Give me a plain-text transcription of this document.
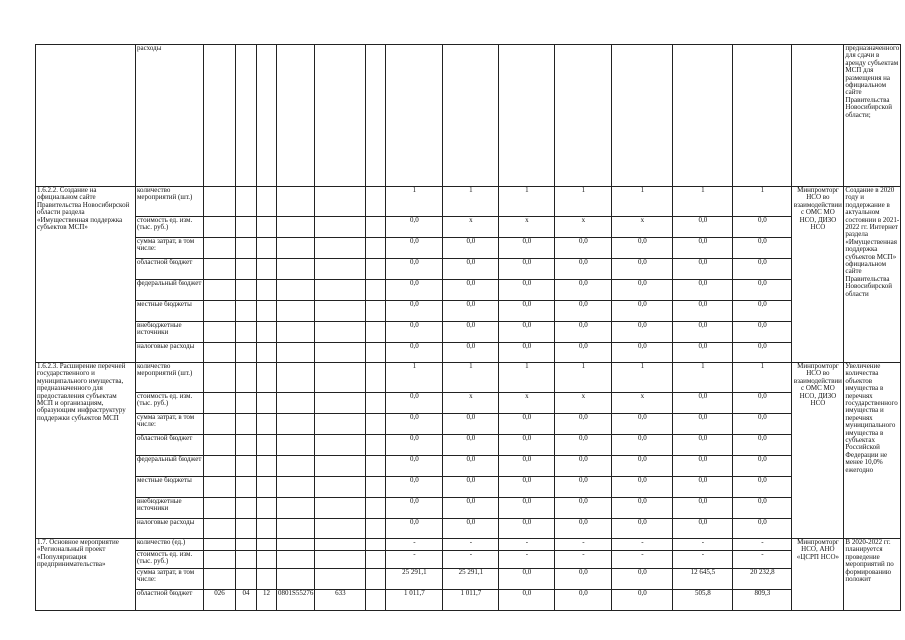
	расходы															предназначенного для сдачи в аренду субъектам МСП для размещения на официальном сайте Правительства Новосибирской области;
1.6.2.2. Создание на официальном сайте Правительства Новосибирской области раздела «Имущественная поддержка субъектов МСП»	количество мероприятий (шт.)							1	1	1	1	1	1	1	Минпромторг НСО во взаимодействии с ОМС МО НСО, ДИЗО НСО	Создание в 2020 году и поддержание в актуальном состоянии в 2021-2022 гг. Интернет раздела «Имущественная поддержка субъектов МСП» официальном сайте Правительства Новосибирской области
	стоимость ед. изм. (тыс. руб.)							0,0	x	x	x	x	0,0	0,0		
	сумма затрат, в том числе:							0,0	0,0	0,0	0,0	0,0	0,0	0,0		
	областной бюджет							0,0	0,0	0,0	0,0	0,0	0,0	0,0		
	федеральный бюджет							0,0	0,0	0,0	0,0	0,0	0,0	0,0		
	местные бюджеты							0,0	0,0	0,0	0,0	0,0	0,0	0,0		
	внебюджетные источники							0,0	0,0	0,0	0,0	0,0	0,0	0,0		
	налоговые расходы							0,0	0,0	0,0	0,0	0,0	0,0	0,0		
1.6.2.3. Расширение перечней государственного и муниципального имущества, предназначенного для предоставления субъектам МСП и организациям, образующим инфраструктуру поддержки субъектов МСП	количество мероприятий (шт.)							1	1	1	1	1	1	1	Минпромторг НСО во взаимодействии с ОМС МО НСО, ДИЗО НСО	Увеличение количества объектов имущества в перечнях государственного имущества и перечнях муниципального имущества в субъектах Российской Федерации не менее 10,0% ежегодно
	стоимость ед. изм. (тыс. руб.)							0,0	x	x	x	x	0,0	0,0		
	сумма затрат, в том числе:							0,0	0,0	0,0	0,0	0,0	0,0	0,0		
	областной бюджет							0,0	0,0	0,0	0,0	0,0	0,0	0,0		
	федеральный бюджет							0,0	0,0	0,0	0,0	0,0	0,0	0,0		
	местные бюджеты							0,0	0,0	0,0	0,0	0,0	0,0	0,0		
	внебюджетные источники							0,0	0,0	0,0	0,0	0,0	0,0	0,0		
	налоговые расходы							0,0	0,0	0,0	0,0	0,0	0,0	0,0		
1.7. Основное мероприятие «Региональный проект «Популяризация предпринимательства»	количество (ед.)							-	-	-	-	-	-	-	Минпромторг НСО, АНО «ЦСРП НСО»	В 2020-2022 гг. планируется проведение мероприятий по формированию положит
	стоимость ед. изм. (тыс. руб.)							-	-	-	-	-	-	-		
	сумма затрат, в том числе:							25 291,1	25 291,1	0,0	0,0	0,0	12 645,5	20 232,8		
	областной бюджет	026	04	12	0801S55276	633		1 011,7	1 011,7	0,0	0,0	0,0	505,8	809,3		
